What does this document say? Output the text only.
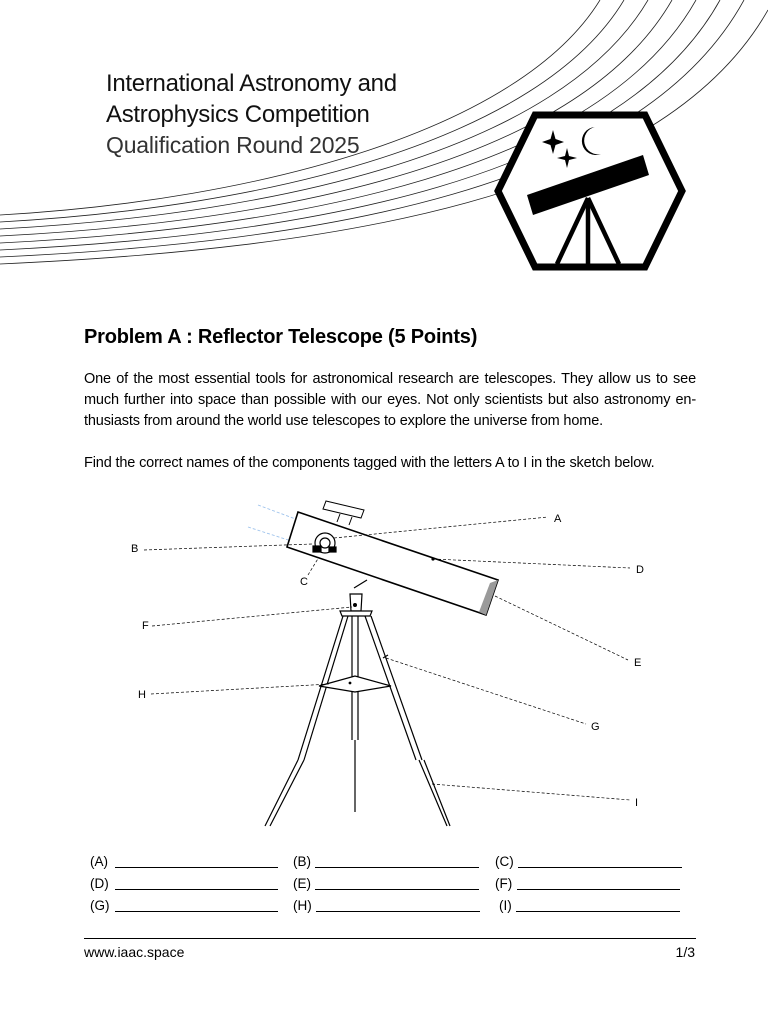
International Astronomy and
Astrophysics Competition
Qualification Round 2025
Problem A : Reflector Telescope (5 Points)
One of the most essential tools for astronomical research are telescopes. They allow us to see much further into space than possible with our eyes. Not only scientists but also astronomy en-thusiasts from around the world use telescopes to explore the universe from home.
Find the correct names of the components tagged with the letters A to I in the sketch below.
A
B
C
D
E
F
G
H
I
(A)	(B)	(C)
(D)	(E)	(F)
(G)	(H)	(I)
www.iaac.space	1/3
